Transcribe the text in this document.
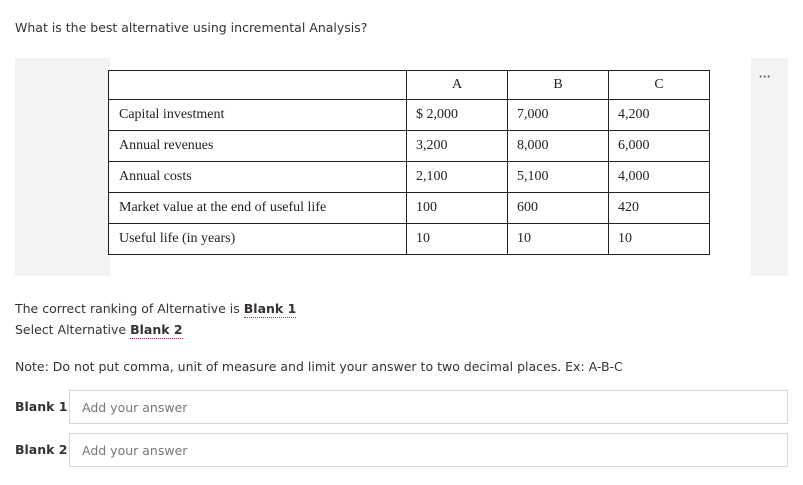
What is the best alternative using incremental Analysis?
···
	A	B	C
Capital investment	$ 2,000	7,000	4,200
Annual revenues	3,200	8,000	6,000
Annual costs	2,100	5,100	4,000
Market value at the end of useful life	100	600	420
Useful life (in years)	10	10	10
The correct ranking of Alternative is Blank 1
Select Alternative Blank 2
Note: Do not put comma, unit of measure and limit your answer to two decimal places. Ex: A-B-C
Blank 1
Add your answer
Blank 2
Add your answer
